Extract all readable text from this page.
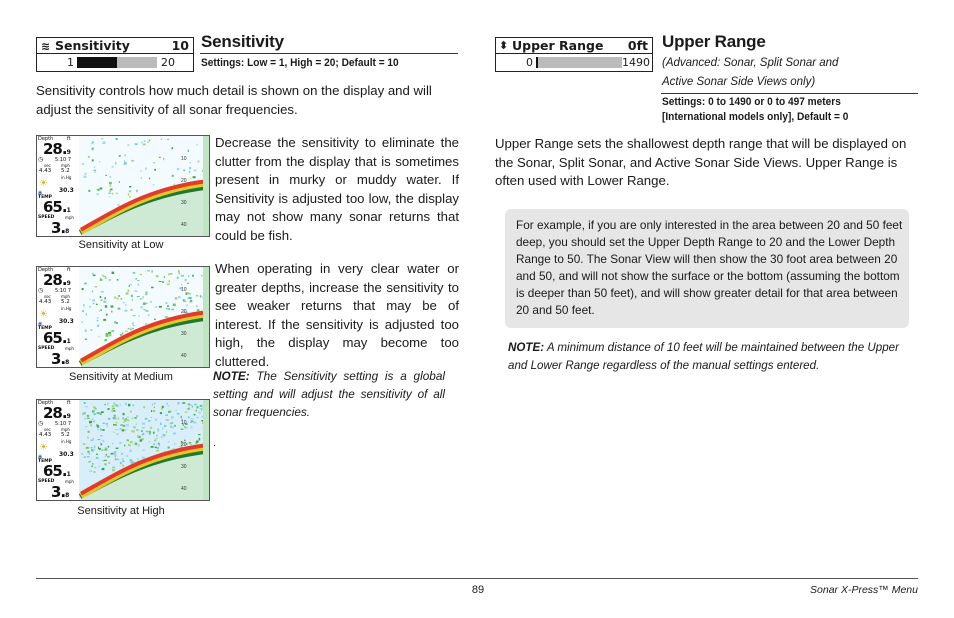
≋ Sensitivity	10
1	20
Sensitivity
Settings: Low = 1, High = 20; Default = 10
Sensitivity controls how much detail is shown on the display and will adjust the sensitivity of all sonar frequencies.
10
20
30
40
Depth	ft
28.9
◷ 5:10 7
sec	mph
4.43 5.2
in.Hg
☀
30.3
◉
TEMP
65.1
SPEED	mph
3.8
10
20
30
40
Depth	ft
28.9
◷ 5:10 7
sec	mph
4.43 5.2
in.Hg
☀
30.3
◉
TEMP
65.1
SPEED	mph
3.8
10
20
30
40
Depth	ft
28.9
◷ 5:10 7
sec	mph
4.43 5.2
in.Hg
☀
30.3
◉
TEMP
65.1
SPEED	mph
3.8
Sensitivity at Low
Sensitivity at Medium
Sensitivity at High
Decrease the sensitivity to eliminate the clutter from the display that is sometimes present in murky or muddy water. If Sensitivity is adjusted too low, the display may not show many sonar returns that could be fish.
When operating in very clear water or greater depths, increase the sensitivity to see weaker returns that may be of interest. If the sensitivity is adjusted too high, the display may become too cluttered.
NOTE: The Sensitivity setting is a global setting and will adjust the sensitivity of all sonar frequencies.
.
⬍ Upper Range 0ft
0	1490
Upper Range
(Advanced: Sonar, Split Sonar and
Active Sonar Side Views only)
Settings: 0 to 1490 or 0 to 497 meters
[International models only], Default = 0
Upper Range sets the shallowest depth range that will be displayed on the Sonar, Split Sonar, and Active Sonar Side Views. Upper Range is often used with Lower Range.
For example, if you are only interested in the area between 20 and 50 feet deep, you should set the Upper Depth Range to 20 and the Lower Depth Range to 50. The Sonar View will then show the 30 foot area between 20 and 50, and will not show the surface or the bottom (assuming the bottom is deeper than 50 feet), and will show greater detail for that area between 20 and 50 feet.
NOTE: A minimum distance of 10 feet will be maintained between the Upper and Lower Range regardless of the manual settings entered.
89	Sonar X-Press™ Menu
